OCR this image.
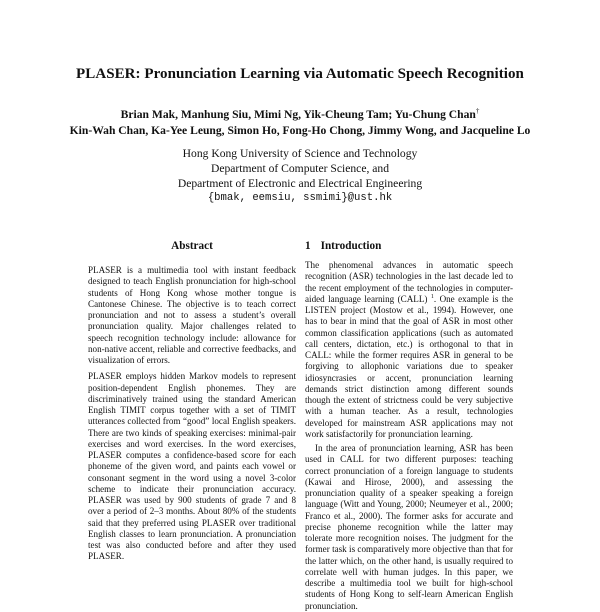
PLASER: Pronunciation Learning via Automatic Speech Recognition
Brian Mak, Manhung Siu, Mimi Ng, Yik-Cheung Tam; Yu-Chung Chan†
Kin-Wah Chan, Ka-Yee Leung, Simon Ho, Fong-Ho Chong, Jimmy Wong, and Jacqueline Lo
Hong Kong University of Science and Technology
Department of Computer Science, and
Department of Electronic and Electrical Engineering
{bmak, eemsiu, ssmimi}@ust.hk
Abstract	1 Introduction

PLASER is a multimedia tool with instant feedback designed to teach English pronunciation for high-school students of Hong Kong whose mother tongue is Cantonese Chinese. The objective is to teach correct pronunciation and not to assess a student’s overall pronunciation quality. Major challenges related to speech recognition technology include: allowance for non-native accent, reliable and corrective feedbacks, and visualization of errors.

PLASER employs hidden Markov models to represent position-dependent English phonemes. They are discriminatively trained using the standard American English TIMIT corpus together with a set of TIMIT utterances collected from “good” local English speakers. There are two kinds of speaking exercises: minimal-pair exercises and word exercises. In the word exercises, PLASER computes a confidence-based score for each phoneme of the given word, and paints each vowel or consonant segment in the word using a novel 3-color scheme to indicate their pronunciation accuracy. PLASER was used by 900 students of grade 7 and 8 over a period of 2–3 months. About 80% of the students said that they preferred using PLASER over traditional English classes to learn pronunciation. A pronunciation test was also conducted before and after they used PLASER.

The phenomenal advances in automatic speech recognition (ASR) technologies in the last decade led to the recent employment of the technologies in computer-aided language learning (CALL) $^1$. One example is the LISTEN project (Mostow et al., 1994). However, one has to bear in mind that the goal of ASR in most other common classification applications (such as automated call centers, dictation, etc.) is orthogonal to that in CALL: while the former requires ASR in general to be forgiving to allophonic variations due to speaker idiosyncrasies or accent, pronunciation learning demands strict distinction among different sounds though the extent of strictness could be very subjective with a human teacher. As a result, technologies developed for mainstream ASR applications may not work satisfactorily for pronunciation learning.

In the area of pronunciation learning, ASR has been used in CALL for two different purposes: teaching correct pronunciation of a foreign language to students (Kawai and Hirose, 2000), and assessing the pronunciation quality of a speaker speaking a foreign language (Witt and Young, 2000; Neumeyer et al., 2000; Franco et al., 2000). The former asks for accurate and precise phoneme recognition while the latter may tolerate more recognition noises. The judgment for the former task is comparatively more objective than that for the latter which, on the other hand, is usually required to correlate well with human judges. In this paper, we describe a multimedia tool we built for high-school students of Hong Kong to self-learn American English pronunciation.
